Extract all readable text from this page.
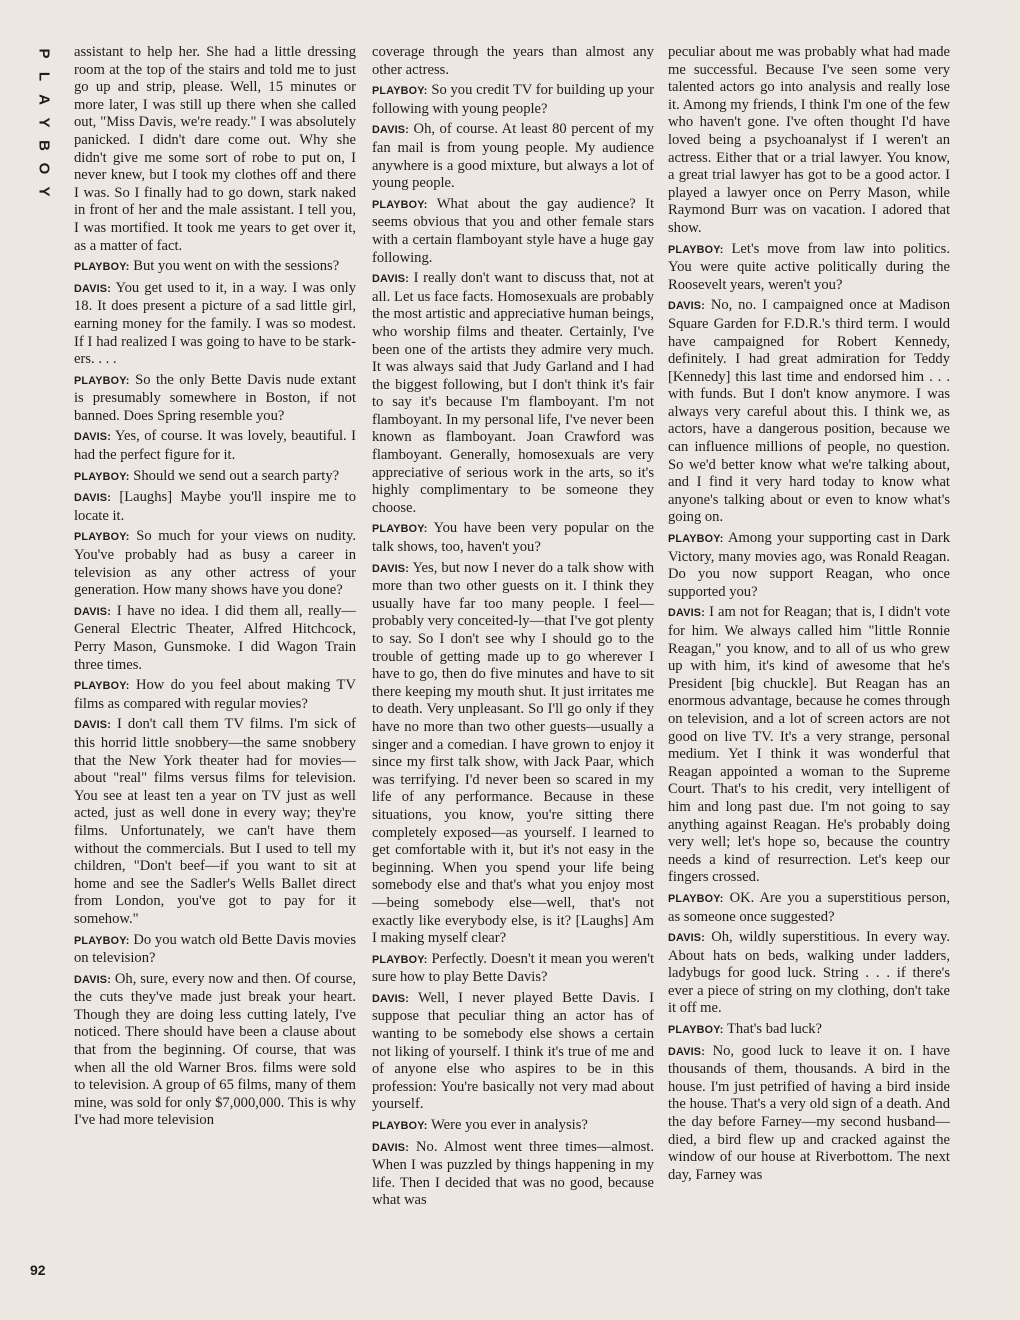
P
L
A
Y
B
O
Y

assistant to help her. She had a little dressing room at the top of the stairs and told me to just go up and strip, please. Well, 15 minutes or more later, I was still up there when she called out, "Miss Davis, we're ready." I was absolutely panicked. I didn't dare come out. Why she didn't give me some sort of robe to put on, I never knew, but I took my clothes off and there I was. So I finally had to go down, stark naked in front of her and the male assistant. I tell you, I was mortified. It took me years to get over it, as a matter of fact.

PLAYBOY: But you went on with the sessions?

DAVIS: You get used to it, in a way. I was only 18. It does present a picture of a sad little girl, earning money for the family. I was so modest. If I had realized I was going to have to be stark-ers. . . .

PLAYBOY: So the only Bette Davis nude extant is presumably somewhere in Boston, if not banned. Does Spring resemble you?

DAVIS: Yes, of course. It was lovely, beautiful. I had the perfect figure for it.

PLAYBOY: Should we send out a search party?

DAVIS: [Laughs] Maybe you'll inspire me to locate it.

PLAYBOY: So much for your views on nudity. You've probably had as busy a career in television as any other actress of your generation. How many shows have you done?

DAVIS: I have no idea. I did them all, really—General Electric Theater, Alfred Hitchcock, Perry Mason, Gunsmoke. I did Wagon Train three times.

PLAYBOY: How do you feel about making TV films as compared with regular movies?

DAVIS: I don't call them TV films. I'm sick of this horrid little snobbery—the same snobbery that the New York theater had for movies—about "real" films versus films for television. You see at least ten a year on TV just as well acted, just as well done in every way; they're films. Unfortunately, we can't have them without the commercials. But I used to tell my children, "Don't beef—if you want to sit at home and see the Sadler's Wells Ballet direct from London, you've got to pay for it somehow."

PLAYBOY: Do you watch old Bette Davis movies on television?

DAVIS: Oh, sure, every now and then. Of course, the cuts they've made just break your heart. Though they are doing less cutting lately, I've noticed. There should have been a clause about that from the beginning. Of course, that was when all the old Warner Bros. films were sold to television. A group of 65 films, many of them mine, was sold for only $7,000,000. This is why I've had more television

coverage through the years than almost any other actress.

PLAYBOY: So you credit TV for building up your following with young people?

DAVIS: Oh, of course. At least 80 percent of my fan mail is from young people. My audience anywhere is a good mixture, but always a lot of young people.

PLAYBOY: What about the gay audience? It seems obvious that you and other female stars with a certain flamboyant style have a huge gay following.

DAVIS: I really don't want to discuss that, not at all. Let us face facts. Homosexuals are probably the most artistic and appreciative human beings, who worship films and theater. Certainly, I've been one of the artists they admire very much. It was always said that Judy Garland and I had the biggest following, but I don't think it's fair to say it's because I'm flamboyant. I'm not flamboyant. In my personal life, I've never been known as flamboyant. Joan Crawford was flamboyant. Generally, homosexuals are very appreciative of serious work in the arts, so it's highly complimentary to be someone they choose.

PLAYBOY: You have been very popular on the talk shows, too, haven't you?

DAVIS: Yes, but now I never do a talk show with more than two other guests on it. I think they usually have far too many people. I feel—probably very conceited-ly—that I've got plenty to say. So I don't see why I should go to the trouble of getting made up to go wherever I have to go, then do five minutes and have to sit there keeping my mouth shut. It just irritates me to death. Very unpleasant. So I'll go only if they have no more than two other guests—usually a singer and a comedian. I have grown to enjoy it since my first talk show, with Jack Paar, which was terrifying. I'd never been so scared in my life of any performance. Because in these situations, you know, you're sitting there completely exposed—as yourself. I learned to get comfortable with it, but it's not easy in the beginning. When you spend your life being somebody else and that's what you enjoy most—being somebody else—well, that's not exactly like everybody else, is it? [Laughs] Am I making myself clear?

PLAYBOY: Perfectly. Doesn't it mean you weren't sure how to play Bette Davis?

DAVIS: Well, I never played Bette Davis. I suppose that peculiar thing an actor has of wanting to be somebody else shows a certain not liking of yourself. I think it's true of me and of anyone else who aspires to be in this profession: You're basically not very mad about yourself.

PLAYBOY: Were you ever in analysis?

DAVIS: No. Almost went three times—almost. When I was puzzled by things happening in my life. Then I decided that was no good, because what was

peculiar about me was probably what had made me successful. Because I've seen some very talented actors go into analysis and really lose it. Among my friends, I think I'm one of the few who haven't gone. I've often thought I'd have loved being a psychoanalyst if I weren't an actress. Either that or a trial lawyer. You know, a great trial lawyer has got to be a good actor. I played a lawyer once on Perry Mason, while Raymond Burr was on vacation. I adored that show.

PLAYBOY: Let's move from law into politics. You were quite active politically during the Roosevelt years, weren't you?

DAVIS: No, no. I campaigned once at Madison Square Garden for F.D.R.'s third term. I would have campaigned for Robert Kennedy, definitely. I had great admiration for Teddy [Kennedy] this last time and endorsed him . . . with funds. But I don't know anymore. I was always very careful about this. I think we, as actors, have a dangerous position, because we can influence millions of people, no question. So we'd better know what we're talking about, and I find it very hard today to know what anyone's talking about or even to know what's going on.

PLAYBOY: Among your supporting cast in Dark Victory, many movies ago, was Ronald Reagan. Do you now support Reagan, who once supported you?

DAVIS: I am not for Reagan; that is, I didn't vote for him. We always called him "little Ronnie Reagan," you know, and to all of us who grew up with him, it's kind of awesome that he's President [big chuckle]. But Reagan has an enormous advantage, because he comes through on television, and a lot of screen actors are not good on live TV. It's a very strange, personal medium. Yet I think it was wonderful that Reagan appointed a woman to the Supreme Court. That's to his credit, very intelligent of him and long past due. I'm not going to say anything against Reagan. He's probably doing very well; let's hope so, because the country needs a kind of resurrection. Let's keep our fingers crossed.

PLAYBOY: OK. Are you a superstitious person, as someone once suggested?

DAVIS: Oh, wildly superstitious. In every way. About hats on beds, walking under ladders, ladybugs for good luck. String . . . if there's ever a piece of string on my clothing, don't take it off me.

PLAYBOY: That's bad luck?

DAVIS: No, good luck to leave it on. I have thousands of them, thousands. A bird in the house. I'm just petrified of having a bird inside the house. That's a very old sign of a death. And the day before Farney—my second husband—died, a bird flew up and cracked against the window of our house at Riverbottom. The next day, Farney was

92
